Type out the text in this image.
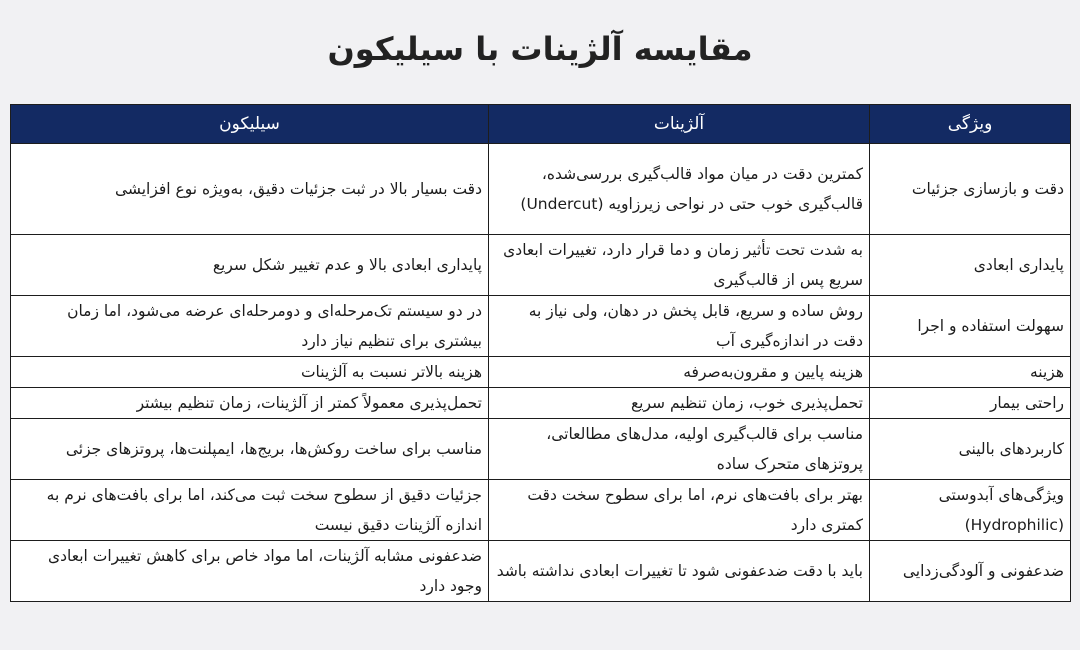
مقایسه آلژینات با سیلیکون
ویژگی	آلژینات	سیلیکون
دقت و بازسازی جزئیات	کمترین دقت در میان مواد قالب‌گیری بررسی‌شده، قالب‌گیری خوب حتی در نواحی زیرزاویه (Undercut)	دقت بسیار بالا در ثبت جزئیات دقیق، به‌ویژه نوع افزایشی
پایداری ابعادی	به شدت تحت تأثیر زمان و دما قرار دارد، تغییرات ابعادی سریع پس از قالب‌گیری	پایداری ابعادی بالا و عدم تغییر شکل سریع
سهولت استفاده و اجرا	روش ساده و سریع، قابل پخش در دهان، ولی نیاز به دقت در اندازه‌گیری آب	در دو سیستم تک‌مرحله‌ای و دومرحله‌ای عرضه می‌شود، اما زمان بیشتری برای تنظیم نیاز دارد
هزینه	هزینه پایین و مقرون‌به‌صرفه	هزینه بالاتر نسبت به آلژینات
راحتی بیمار	تحمل‌پذیری خوب، زمان تنظیم سریع	تحمل‌پذیری معمولاً کمتر از آلژینات، زمان تنظیم بیشتر
کاربردهای بالینی	مناسب برای قالب‌گیری اولیه، مدل‌های مطالعاتی، پروتزهای متحرک ساده	مناسب برای ساخت روکش‌ها، بریج‌ها، ایمپلنت‌ها، پروتزهای جزئی
ویژگی‌های آبدوستی (Hydrophilic)	بهتر برای بافت‌های نرم، اما برای سطوح سخت دقت کمتری دارد	جزئیات دقیق از سطوح سخت ثبت می‌کند، اما برای بافت‌های نرم به اندازه آلژینات دقیق نیست
ضدعفونی و آلودگی‌زدایی	باید با دقت ضدعفونی شود تا تغییرات ابعادی نداشته باشد	ضدعفونی مشابه آلژینات، اما مواد خاص برای کاهش تغییرات ابعادی وجود دارد
